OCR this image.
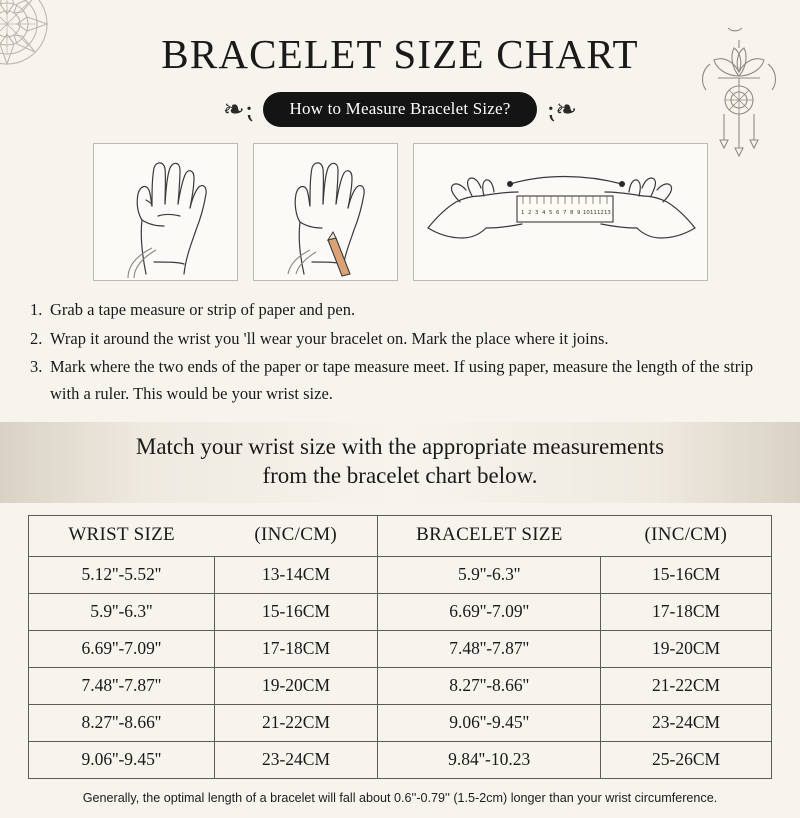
BRACELET SIZE CHART
❧⁏	How to Measure Bracelet Size?	⁏❧
1 2 3 4 5 6 7 8 9 10 11 12 13
1. Grab a tape measure or strip of paper and pen.
2. Wrap it around the wrist you 'll wear your bracelet on. Mark the place where it joins.
3. Mark where the two ends of the paper or tape measure meet. If using paper, measure the length of the strip with a ruler. This would be your wrist size.
Match your wrist size with the appropriate measurements
from the bracelet chart below.
WRIST SIZE	(INC/CM)	BRACELET SIZE	(INC/CM)
5.12''-5.52''	13-14CM	5.9''-6.3''	15-16CM
5.9''-6.3''	15-16CM	6.69''-7.09''	17-18CM
6.69''-7.09''	17-18CM	7.48''-7.87''	19-20CM
7.48''-7.87''	19-20CM	8.27''-8.66''	21-22CM
8.27''-8.66''	21-22CM	9.06''-9.45''	23-24CM
9.06''-9.45''	23-24CM	9.84''-10.23	25-26CM
Generally, the optimal length of a bracelet will fall about 0.6''-0.79'' (1.5-2cm) longer than your wrist circumference.
